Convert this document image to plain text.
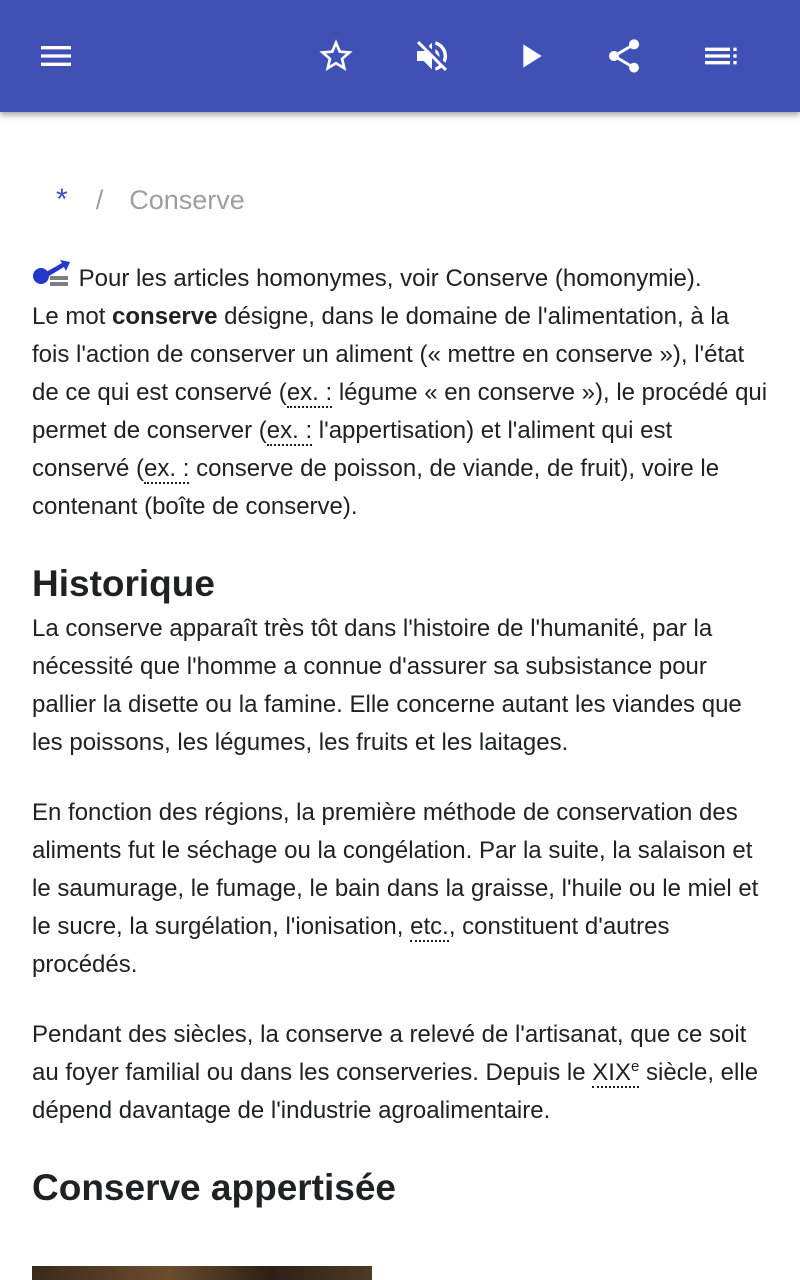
* / Conserve

Pour les articles homonymes, voir Conserve (homonymie).

Le mot conserve désigne, dans le domaine de l'alimentation, à la fois l'action de conserver un aliment (« mettre en conserve »), l'état de ce qui est conservé (ex. : légume « en conserve »), le procédé qui permet de conserver (ex. : l'appertisation) et l'aliment qui est conservé (ex. : conserve de poisson, de viande, de fruit), voire le contenant (boîte de conserve).

Historique

La conserve apparaît très tôt dans l'histoire de l'humanité, par la nécessité que l'homme a connue d'assurer sa subsistance pour pallier la disette ou la famine. Elle concerne autant les viandes que les poissons, les légumes, les fruits et les laitages.

En fonction des régions, la première méthode de conservation des aliments fut le séchage ou la congélation. Par la suite, la salaison et le saumurage, le fumage, le bain dans la graisse, l'huile ou le miel et le sucre, la surgélation, l'ionisation, etc., constituent d'autres procédés.

Pendant des siècles, la conserve a relevé de l'artisanat, que ce soit au foyer familial ou dans les conserveries. Depuis le XIXe siècle, elle dépend davantage de l'industrie agroalimentaire.

Conserve appertisée
